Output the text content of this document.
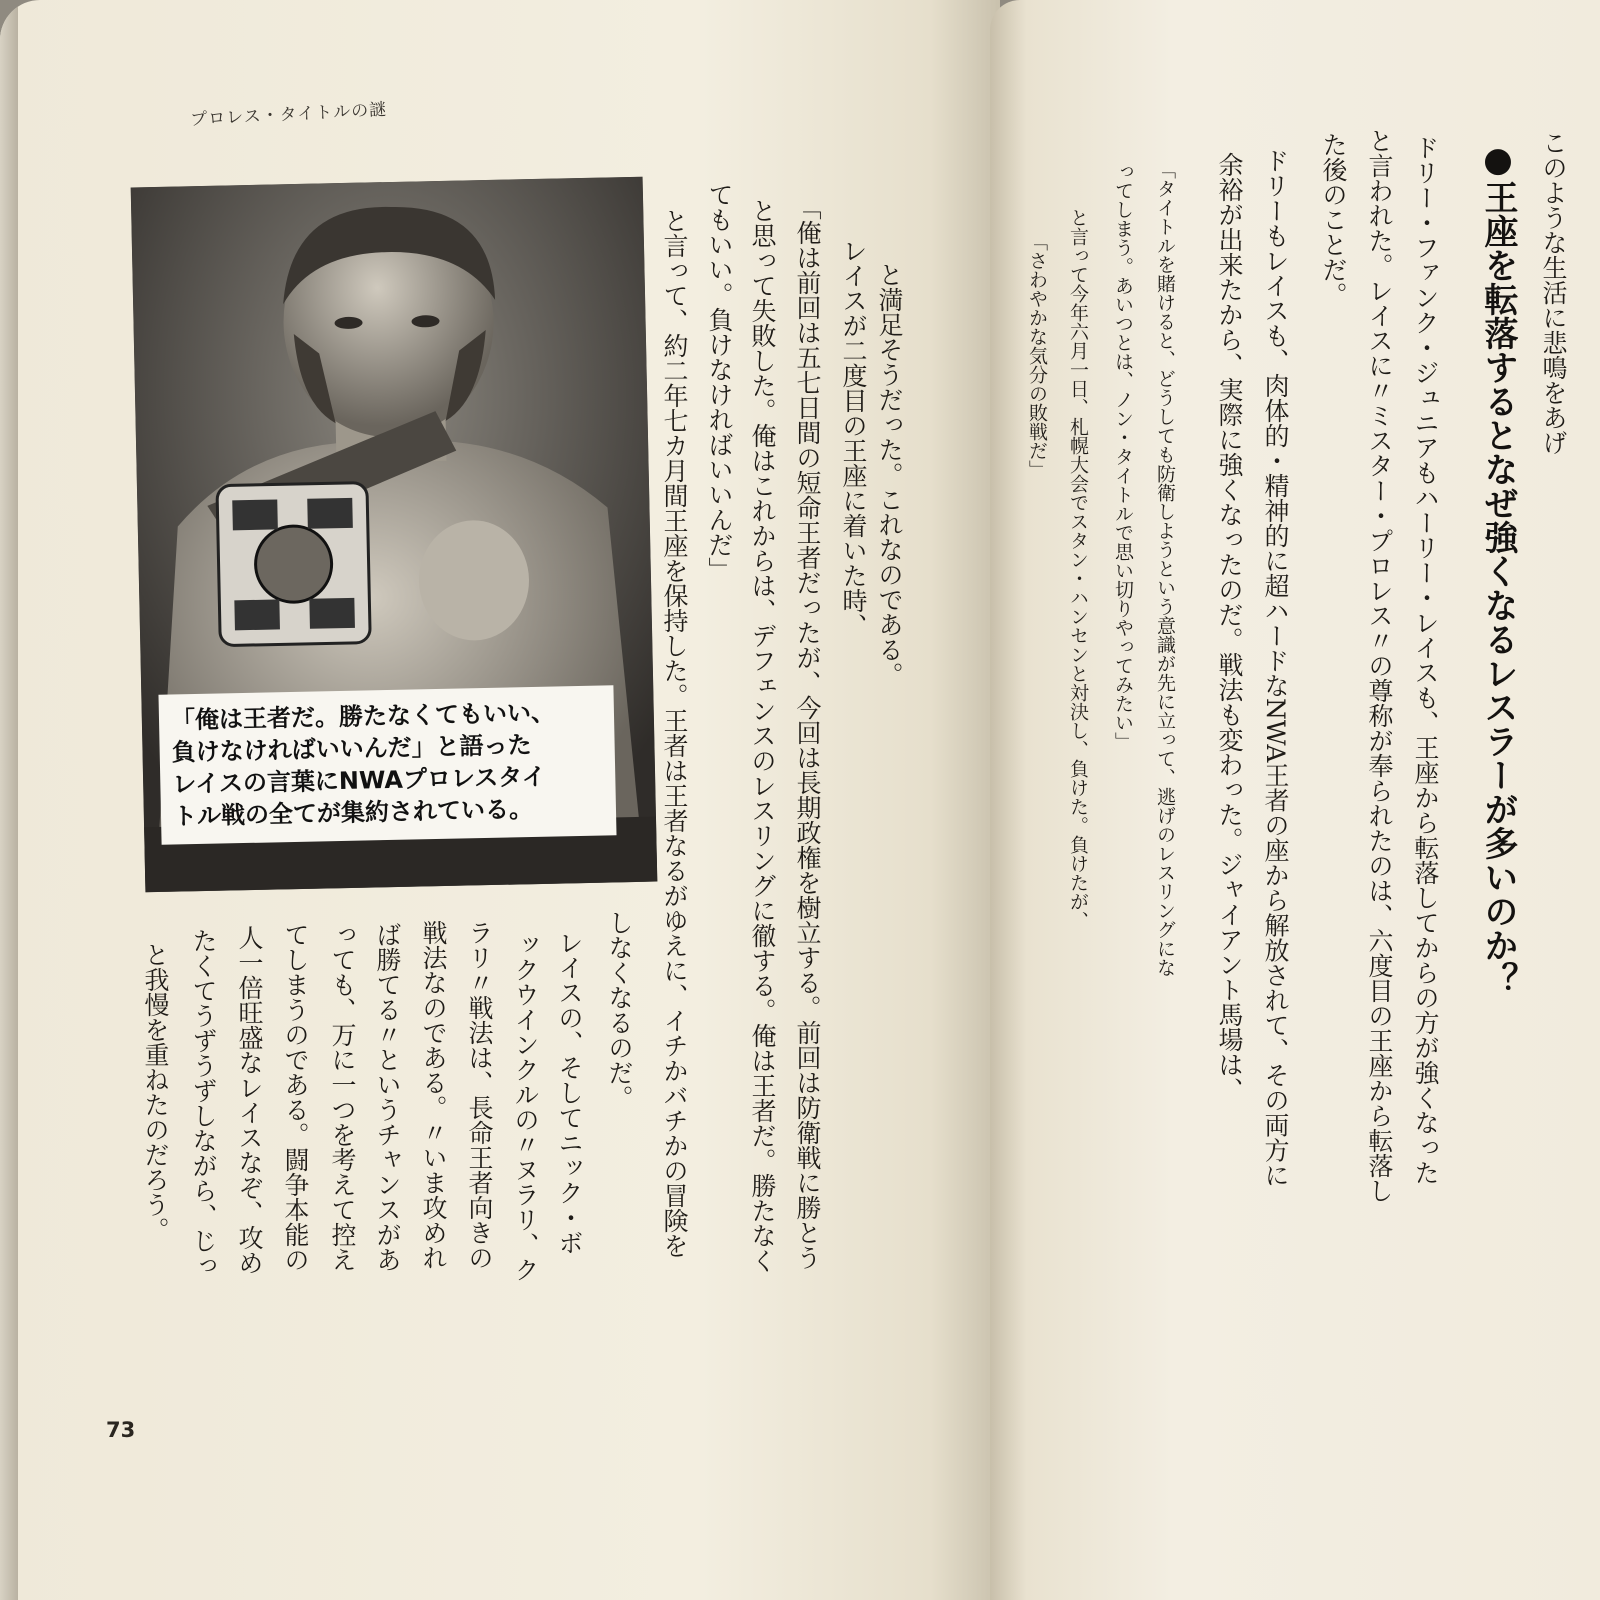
プロレス・タイトルの謎
と満足そうだった。これなのである。
レイスが二度目の王座に着いた時、
「俺は前回は五七日間の短命王者だったが、今回は長期政権を樹立する。前回は防衛戦に勝とう
と思って失敗した。俺はこれからは、デフェンスのレスリングに徹する。俺は王者だ。勝たなく
てもいい。負けなければいいんだ」
と言って、約二年七カ月間王座を保持した。王者は王者なるがゆえに、イチかバチかの冒険を
しなくなるのだ。
レイスの、そしてニック・ボ
ックウインクルの〃ヌラリ、ク
ラリ〃戦法は、長命王者向きの
戦法なのである。〃いま攻めれ
ば勝てる〃というチャンスがあ
っても、万に一つを考えて控え
てしまうのである。闘争本能の
人一倍旺盛なレイスなぞ、攻め
たくてうずうずしながら、じっ
と我慢を重ねたのだろう。
「俺は王者だ。勝たなくてもいい、
負けなければいいんだ」と語った
レイスの言葉にNWAプロレスタイ
トル戦の全てが集約されている。
73
このような生活に悲鳴をあげ
●王座を転落するとなぜ強くなるレスラーが多いのか？
ドリー・ファンク・ジュニアもハーリー・レイスも、王座から転落してからの方が強くなった
と言われた。レイスに〃ミスター・プロレス〃の尊称が奉られたのは、六度目の王座から転落し
た後のことだ。
ドリーもレイスも、肉体的・精神的に超ハードなNWA王者の座から解放されて、その両方に
余裕が出来たから、実際に強くなったのだ。戦法も変わった。ジャイアント馬場は、
「タイトルを賭けると、どうしても防衛しようという意識が先に立って、逃げのレスリングにな
ってしまう。あいつとは、ノン・タイトルで思い切りやってみたい」
と言って今年六月一日、札幌大会でスタン・ハンセンと対決し、負けた。負けたが、
「さわやかな気分の敗戦だ」
